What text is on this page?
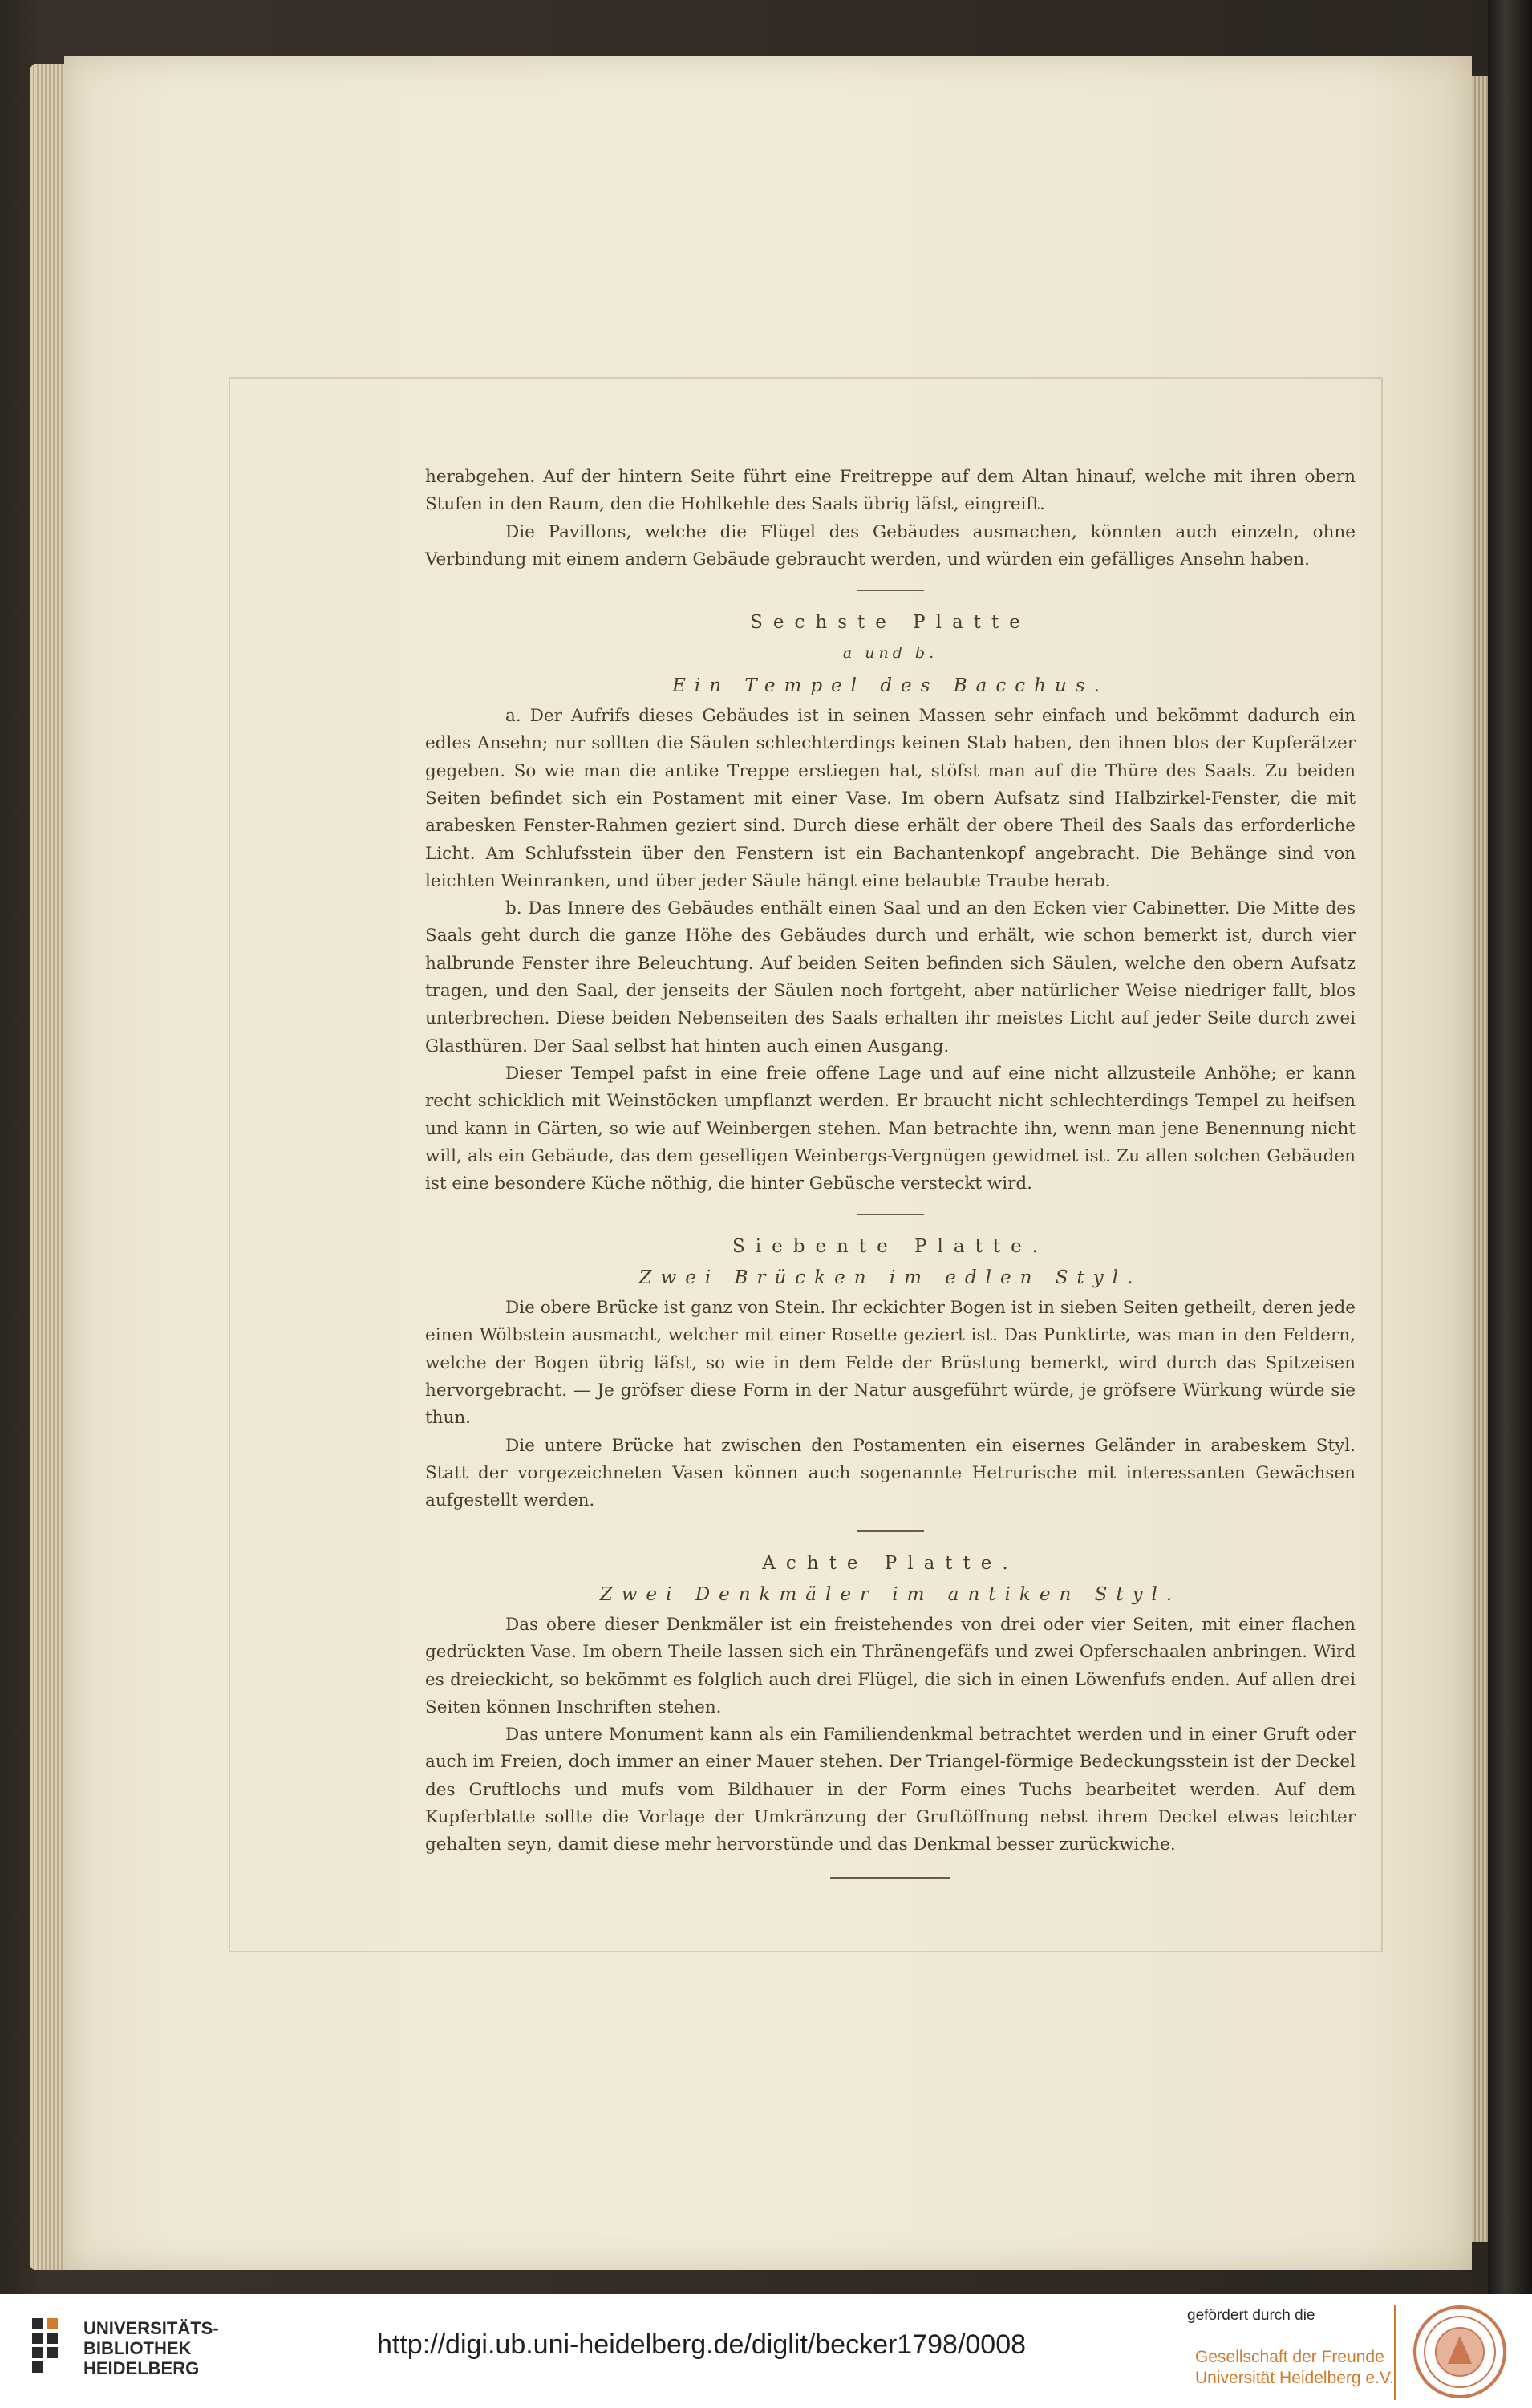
herabgehen. Auf der hintern Seite führt eine Freitreppe auf dem Altan hinauf, welche mit ihren obern Stufen in den Raum, den die Hohlkehle des Saals übrig läfst, eingreift.

Die Pavillons, welche die Flügel des Gebäudes ausmachen, könnten auch einzeln, ohne Verbindung mit einem andern Gebäude gebraucht werden, und würden ein gefälliges Ansehn haben.

Sechste Platte
a und b.
Ein Tempel des Bacchus.

a. Der Aufrifs dieses Gebäudes ist in seinen Massen sehr einfach und bekömmt dadurch ein edles Ansehn; nur sollten die Säulen schlechterdings keinen Stab haben, den ihnen blos der Kupferätzer gegeben. So wie man die antike Treppe erstiegen hat, stöfst man auf die Thüre des Saals. Zu beiden Seiten befindet sich ein Postament mit einer Vase. Im obern Aufsatz sind Halbzirkel-Fenster, die mit arabesken Fenster-Rahmen geziert sind. Durch diese erhält der obere Theil des Saals das erforderliche Licht. Am Schlufsstein über den Fenstern ist ein Bachantenkopf angebracht. Die Behänge sind von leichten Weinranken, und über jeder Säule hängt eine belaubte Traube herab.

b. Das Innere des Gebäudes enthält einen Saal und an den Ecken vier Cabinetter. Die Mitte des Saals geht durch die ganze Höhe des Gebäudes durch und erhält, wie schon bemerkt ist, durch vier halbrunde Fenster ihre Beleuchtung. Auf beiden Seiten befinden sich Säulen, welche den obern Aufsatz tragen, und den Saal, der jenseits der Säulen noch fortgeht, aber natürlicher Weise niedriger fallt, blos unterbrechen. Diese beiden Nebenseiten des Saals erhalten ihr meistes Licht auf jeder Seite durch zwei Glasthüren. Der Saal selbst hat hinten auch einen Ausgang.

Dieser Tempel pafst in eine freie offene Lage und auf eine nicht allzusteile Anhöhe; er kann recht schicklich mit Weinstöcken umpflanzt werden. Er braucht nicht schlechterdings Tempel zu heifsen und kann in Gärten, so wie auf Weinbergen stehen. Man betrachte ihn, wenn man jene Benennung nicht will, als ein Gebäude, das dem geselligen Weinbergs-Vergnügen gewidmet ist. Zu allen solchen Gebäuden ist eine besondere Küche nöthig, die hinter Gebüsche versteckt wird.

Siebente Platte.
Zwei Brücken im edlen Styl.

Die obere Brücke ist ganz von Stein. Ihr eckichter Bogen ist in sieben Seiten getheilt, deren jede einen Wölbstein ausmacht, welcher mit einer Rosette geziert ist. Das Punktirte, was man in den Feldern, welche der Bogen übrig läfst, so wie in dem Felde der Brüstung bemerkt, wird durch das Spitzeisen hervorgebracht. — Je gröfser diese Form in der Natur ausgeführt würde, je gröfsere Würkung würde sie thun.

Die untere Brücke hat zwischen den Postamenten ein eisernes Geländer in arabeskem Styl. Statt der vorgezeichneten Vasen können auch sogenannte Hetrurische mit interessanten Gewächsen aufgestellt werden.

Achte Platte.
Zwei Denkmäler im antiken Styl.

Das obere dieser Denkmäler ist ein freistehendes von drei oder vier Seiten, mit einer flachen gedrückten Vase. Im obern Theile lassen sich ein Thränengefäfs und zwei Opferschaalen anbringen. Wird es dreieckicht, so bekömmt es folglich auch drei Flügel, die sich in einen Löwenfufs enden. Auf allen drei Seiten können Inschriften stehen.

Das untere Monument kann als ein Familiendenkmal betrachtet werden und in einer Gruft oder auch im Freien, doch immer an einer Mauer stehen. Der Triangel-förmige Bedeckungsstein ist der Deckel des Gruftlochs und mufs vom Bildhauer in der Form eines Tuchs bearbeitet werden. Auf dem Kupferblatte sollte die Vorlage der Umkränzung der Gruftöffnung nebst ihrem Deckel etwas leichter gehalten seyn, damit diese mehr hervorstünde und das Denkmal besser zurückwiche.

UNIVERSITÄTS-
BIBLIOTHEK
HEIDELBERG
http://digi.ub.uni-heidelberg.de/diglit/becker1798/0008
gefördert durch die
Gesellschaft der Freunde
Universität Heidelberg e.V.
